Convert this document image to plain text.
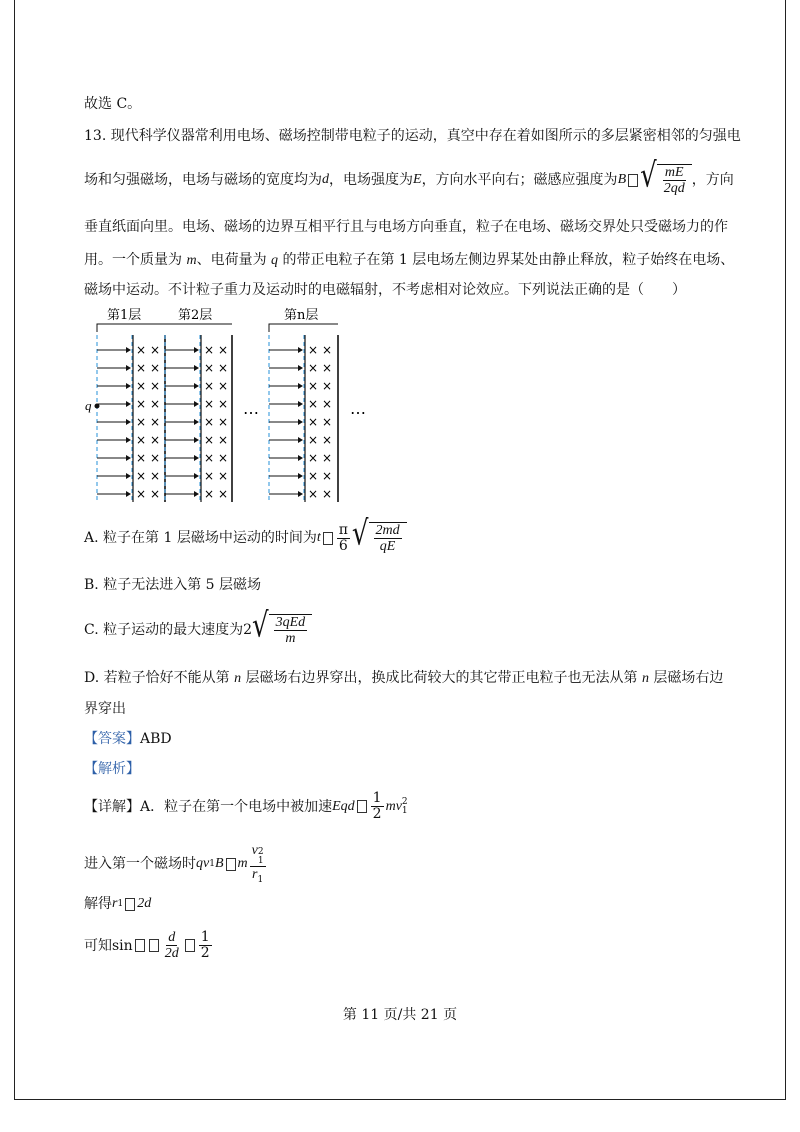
故选 C。
13. 现代科学仪器常利用电场、磁场控制带电粒子的运动，真空中存在着如图所示的多层紧密相邻的匀强电
场和匀强磁场，电场与磁场的宽度均为 d ，电场强度为 E ，方向水平向右；磁感应强度为 B √ $\frac{mE}{2qd}$ ，方向
垂直纸面向里。电场、磁场的边界互相平行且与电场方向垂直，粒子在电场、磁场交界处只受磁场力的作
用。一个质量为 m、电荷量为 q 的带正电粒子在第 1 层电场左侧边界某处由静止释放，粒子始终在电场、
磁场中运动。不计粒子重力及运动时的电磁辐射，不考虑相对论效应。下列说法正确的是（　　）
第1层	第2层	第n层
× ×
× ×
× ×
× ×
× ×
× ×
× ×
× ×
× ×
× ×
× ×
× ×
× ×
× ×
× ×
× ×
× ×
× ×
× ×
× ×
× ×
× ×
× ×
× ×
× ×
× ×
× ×
q	…	…
A. 粒子在第 1 层磁场中运动的时间为 t $\frac{\pi}{6}$ √ $\frac{2md}{qE}$
B. 粒子无法进入第 5 层磁场
C. 粒子运动的最大速度为 2 √ $\frac{\text{3qEd}}{m}$
D. 若粒子恰好不能从第 n 层磁场右边界穿出，换成比荷较大的其它带正电粒子也无法从第 n 层磁场右边
界穿出
【答案】ABD
【解析】
【详解】A．粒子在第一个电场中被加速 Eqd $\frac{1}{2}$ mv 2
1
进入第一个磁场时 qv 1 B m v 2
1
$r_1$
解得 r 1 2d
可知 $\sin \frac{d}{2d} \frac{1}{2}$
第 11 页/共 21 页
